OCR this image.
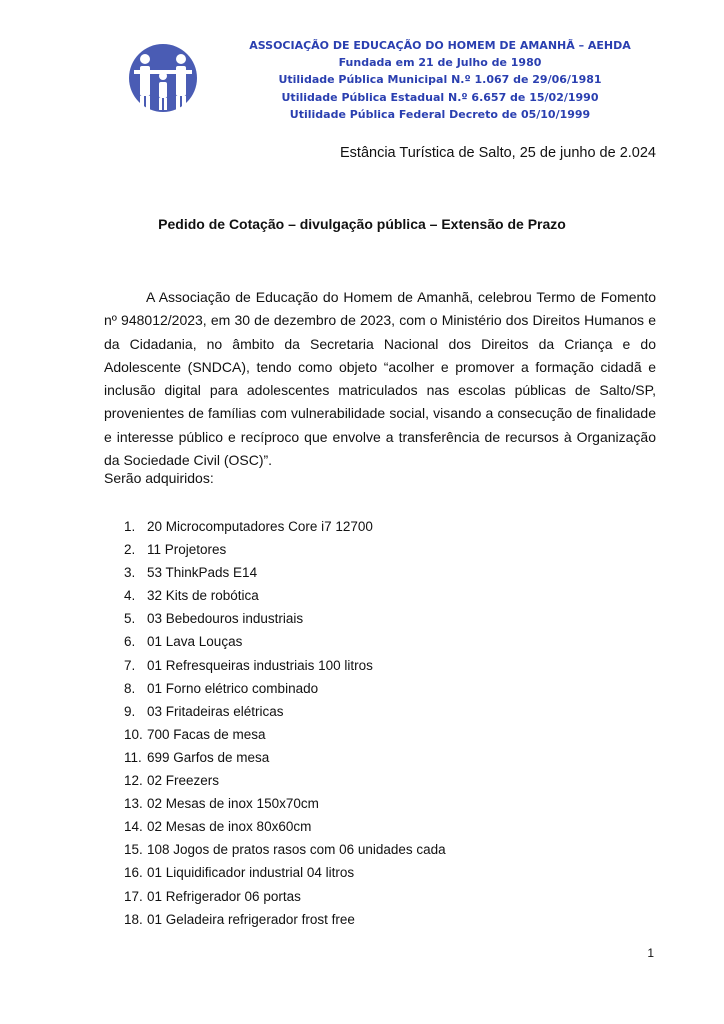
ASSOCIAÇÃO DE EDUCAÇÃO DO HOMEM DE AMANHÃ – AEHDA
Fundada em 21 de Julho de 1980
Utilidade Pública Municipal N.º 1.067 de 29/06/1981
Utilidade Pública Estadual N.º 6.657 de 15/02/1990
Utilidade Pública Federal Decreto de 05/10/1999
Estância Turística de Salto, 25 de junho de 2.024
Pedido de Cotação – divulgação pública – Extensão de Prazo

A Associação de Educação do Homem de Amanhã, celebrou Termo de Fomento nº 948012/2023, em 30 de dezembro de 2023, com o Ministério dos Direitos Humanos e da Cidadania, no âmbito da Secretaria Nacional dos Direitos da Criança e do Adolescente (SNDCA), tendo como objeto “acolher e promover a formação cidadã e inclusão digital para adolescentes matriculados nas escolas públicas de Salto/SP, provenientes de famílias com vulnerabilidade social, visando a consecução de finalidade e interesse público e recíproco que envolve a transferência de recursos à Organização da Sociedade Civil (OSC)”.

Serão adquiridos:

1. 20 Microcomputadores Core i7 12700
2. 11 Projetores
3. 53 ThinkPads E14
4. 32 Kits de robótica
5. 03 Bebedouros industriais
6. 01 Lava Louças
7. 01 Refresqueiras industriais 100 litros
8. 01 Forno elétrico combinado
9. 03 Fritadeiras elétricas
10. 700 Facas de mesa
11. 699 Garfos de mesa
12. 02 Freezers
13. 02 Mesas de inox 150x70cm
14. 02 Mesas de inox 80x60cm
15. 108 Jogos de pratos rasos com 06 unidades cada
16. 01 Liquidificador industrial 04 litros
17. 01 Refrigerador 06 portas
18. 01 Geladeira refrigerador frost free
1
